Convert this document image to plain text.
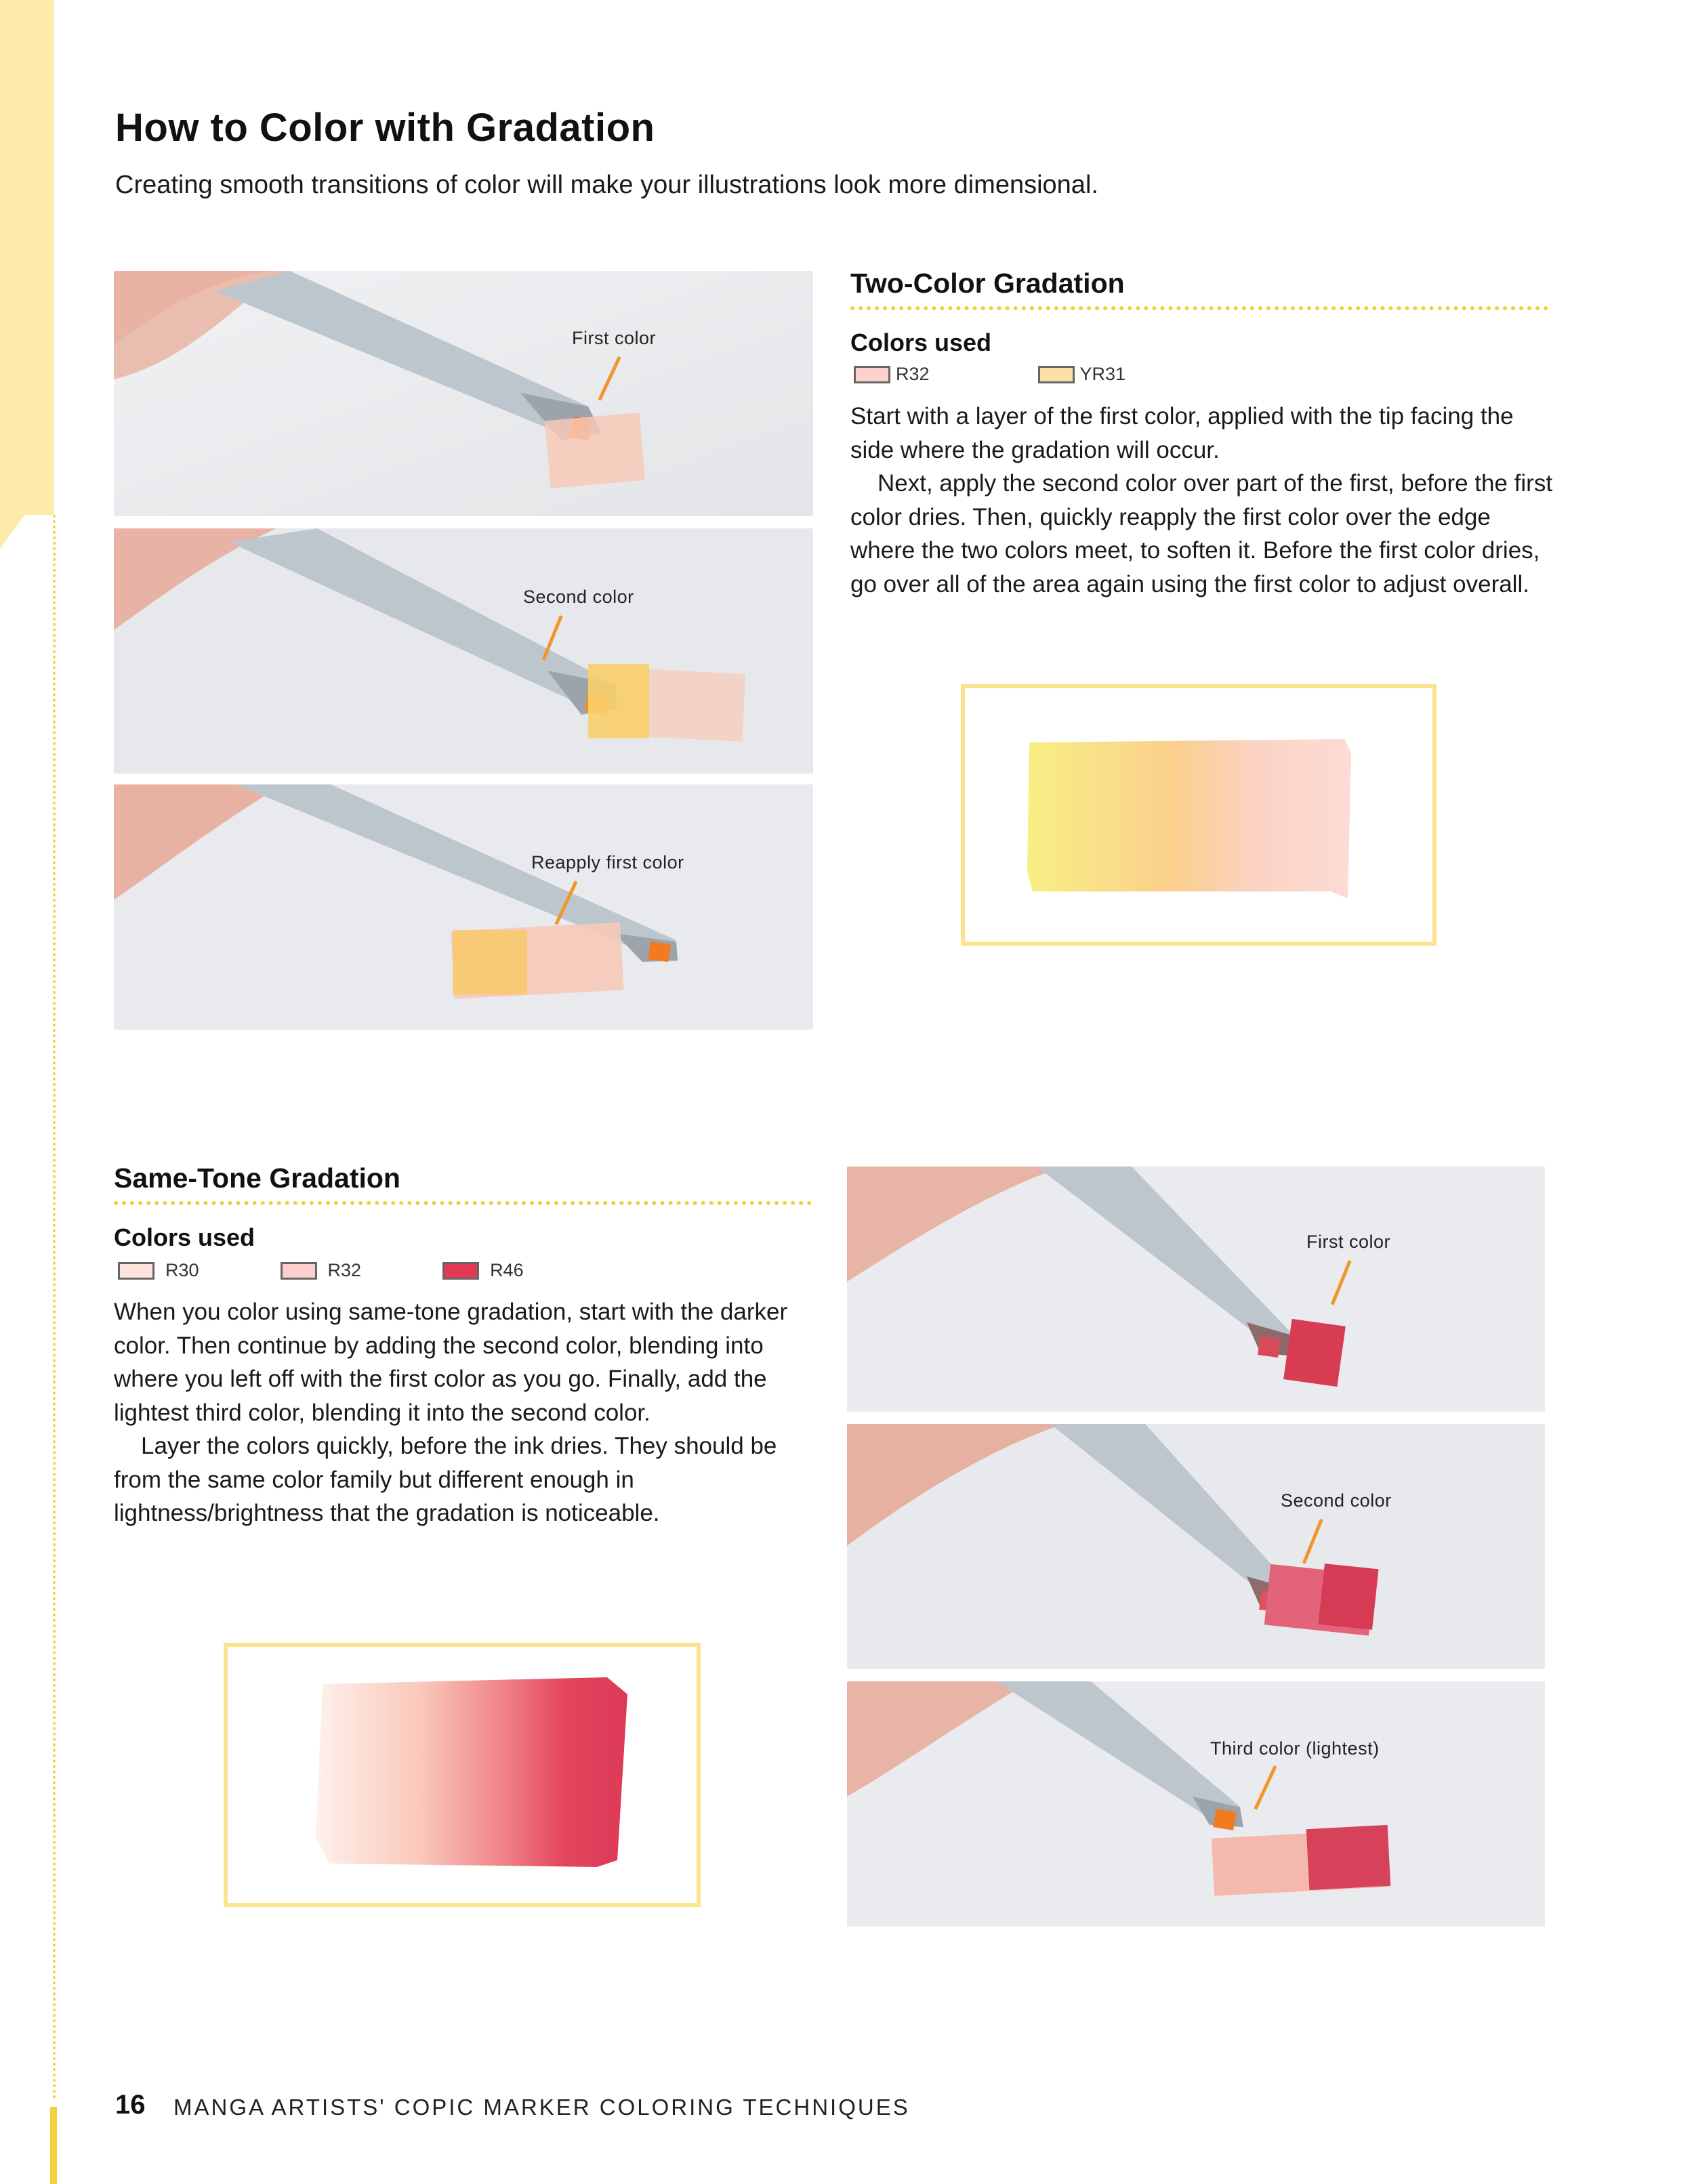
How to Color with Gradation
Creating smooth transitions of color will make your illustrations look more dimensional.
First color
Second color
Reapply first color
Two-Color Gradation
Colors used
R32	YR31

Start with a layer of the first color, applied with the tip facing the side where the gradation will occur.

Next, apply the second color over part of the first, before the first color dries. Then, quickly reapply the first color over the edge where the two colors meet, to soften it. Before the first color dries, go over all of the area again using the first color to adjust overall.

Same-Tone Gradation
Colors used
R30	R32	R46

When you color using same-tone gradation, start with the darker color. Then continue by adding the second color, blending into where you left off with the first color as you go. Finally, add the lightest third color, blending it into the second color.

Layer the colors quickly, before the ink dries. They should be from the same color family but different enough in lightness/brightness that the gradation is noticeable.

First color
Second color
Third color (lightest)
16 MANGA ARTISTS' COPIC MARKER COLORING TECHNIQUES
